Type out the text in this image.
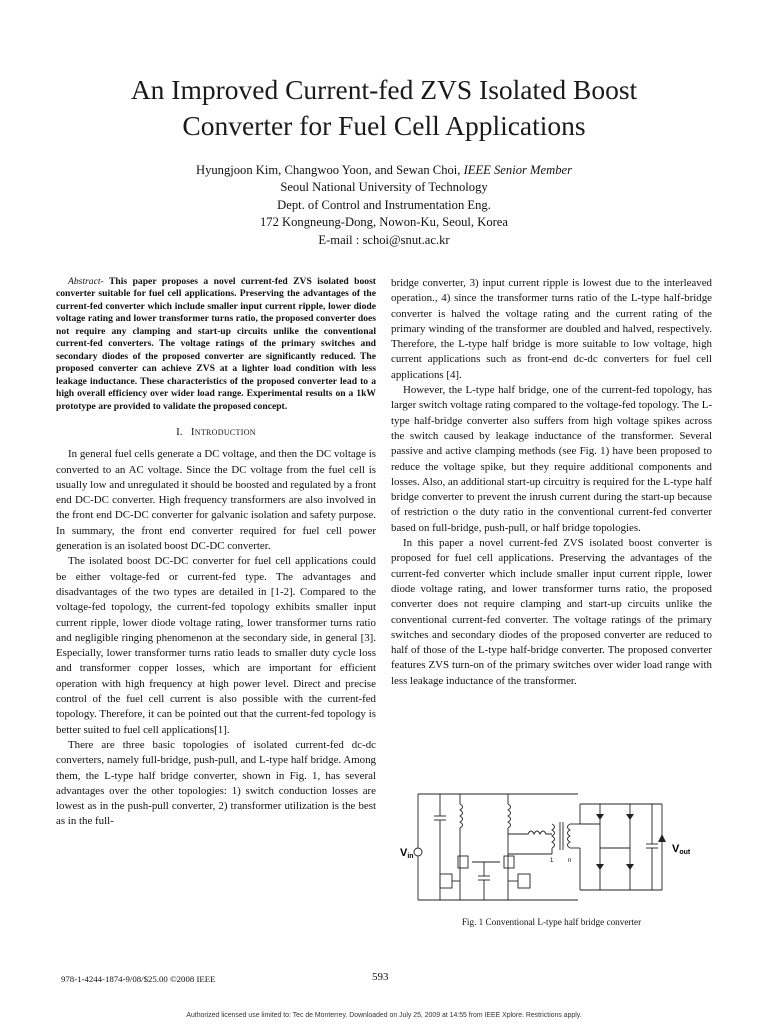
An Improved Current-fed ZVS Isolated Boost
Converter for Fuel Cell Applications
Hyungjoon Kim, Changwoo Yoon, and Sewan Choi, IEEE Senior Member
Seoul National University of Technology
Dept. of Control and Instrumentation Eng.
172 Kongneung-Dong, Nowon-Ku, Seoul, Korea
E-mail : schoi@snut.ac.kr

Abstract- This paper proposes a novel current-fed ZVS isolated boost converter suitable for fuel cell applications. Preserving the advantages of the current-fed converter which include smaller input current ripple, lower diode voltage rating and lower transformer turns ratio, the proposed converter does not require any clamping and start-up circuits unlike the conventional current-fed converters. The voltage ratings of the primary switches and secondary diodes of the proposed converter are significantly reduced. The proposed converter can achieve ZVS at a lighter load condition with less leakage inductance. These characteristics of the proposed converter lead to a high overall efficiency over wider load range. Experimental results on a 1kW prototype are provided to validate the proposed concept.

I. Introduction

In general fuel cells generate a DC voltage, and then the DC voltage is converted to an AC voltage. Since the DC voltage from the fuel cell is usually low and unregulated it should be boosted and regulated by a front end DC-DC converter. High frequency transformers are also involved in the front end DC-DC converter for galvanic isolation and safety purpose. In summary, the front end converter required for fuel cell power generation is an isolated boost DC-DC converter.

The isolated boost DC-DC converter for fuel cell applications could be either voltage-fed or current-fed type. The advantages and disadvantages of the two types are detailed in [1-2]. Compared to the voltage-fed topology, the current-fed topology exhibits smaller input current ripple, lower diode voltage rating, lower transformer turns ratio and negligible ringing phenomenon at the secondary side, in general [3]. Especially, lower transformer turns ratio leads to smaller duty cycle loss and transformer copper losses, which are important for efficient operation with high frequency at high power level. Direct and precise control of the fuel cell current is also possible with the current-fed topology. Therefore, it can be pointed out that the current-fed topology is better suited to fuel cell applications[1].

There are three basic topologies of isolated current-fed dc-dc converters, namely full-bridge, push-pull, and L-type half bridge. Among them, the L-type half bridge converter, shown in Fig. 1, has several advantages over the other topologies: 1) switch conduction losses are lowest as in the push-pull converter, 2) transformer utilization is the best as in the full-

bridge converter, 3) input current ripple is lowest due to the interleaved operation., 4) since the transformer turns ratio of the L-type half-bridge converter is halved the voltage rating and the current rating of the primary winding of the transformer are doubled and halved, respectively. Therefore, the L-type half bridge is more suitable to low voltage, high current applications such as front-end dc-dc converters for fuel cell applications [4].

However, the L-type half bridge, one of the current-fed topology, has larger switch voltage rating compared to the voltage-fed topology. The L-type half-bridge converter also suffers from high voltage spikes across the switch caused by leakage inductance of the transformer. Several passive and active clamping methods (see Fig. 1) have been proposed to reduce the voltage spike, but they require additional components and losses. Also, an additional start-up circuitry is required for the L-type half bridge converter to prevent the inrush current during the start-up because of restriction o the duty ratio in the conventional current-fed converter based on full-bridge, push-pull, or half bridge topologies.

In this paper a novel current-fed ZVS isolated boost converter is proposed for fuel cell applications. Preserving the advantages of the current-fed converter which include smaller input current ripple, lower diode voltage rating, and lower transformer turns ratio, the proposed converter does not require clamping and start-up circuits unlike the conventional current-fed converter. The voltage ratings of the primary switches and secondary diodes of the proposed converter are reduced to half of those of the L-type half-bridge converter. The proposed converter features ZVS turn-on of the primary switches over wider load range with less leakage inductance of the transformer.

Vin
Vout
1 n
Fig. 1 Conventional L-type half bridge converter
978-1-4244-1874-9/08/$25.00 ©2008 IEEE	593
Authorized licensed use limited to: Tec de Monterrey. Downloaded on July 25, 2009 at 14:55 from IEEE Xplore. Restrictions apply.
